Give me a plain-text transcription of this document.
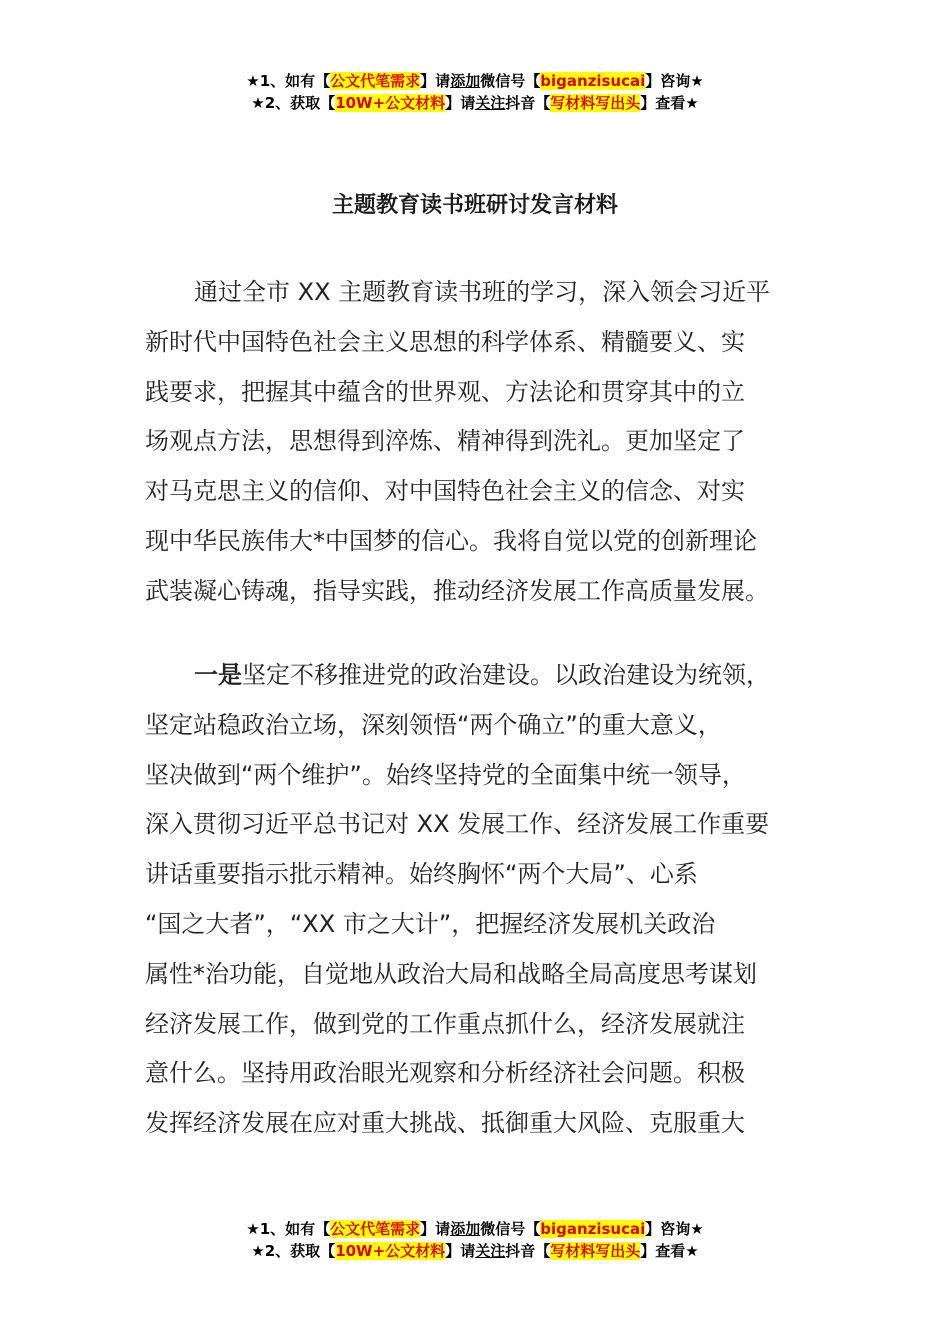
★1、如有【公文代笔需求】请添加微信号【biganzisucai】咨询★
★2、获取【10W+公文材料】请关注抖音【写材料写出头】查看★
主题教育读书班研讨发言材料
通过全市 XX 主题教育读书班的学习，深入领会习近平
新时代中国特色社会主义思想的科学体系、精髓要义、实
践要求，把握其中蕴含的世界观、方法论和贯穿其中的立
场观点方法，思想得到淬炼、精神得到洗礼。更加坚定了
对马克思主义的信仰、对中国特色社会主义的信念、对实
现中华民族伟大*中国梦的信心。我将自觉以党的创新理论
武装凝心铸魂，指导实践，推动经济发展工作高质量发展。
一是坚定不移推进党的政治建设。以政治建设为统领，
坚定站稳政治立场，深刻领悟“两个确立”的重大意义，
坚决做到“两个维护”。始终坚持党的全面集中统一领导，
深入贯彻习近平总书记对 XX 发展工作、经济发展工作重要
讲话重要指示批示精神。始终胸怀“两个大局”、心系
“国之大者”，“XX 市之大计”，把握经济发展机关政治
属性*治功能，自觉地从政治大局和战略全局高度思考谋划
经济发展工作，做到党的工作重点抓什么，经济发展就注
意什么。坚持用政治眼光观察和分析经济社会问题。积极
发挥经济发展在应对重大挑战、抵御重大风险、克服重大
★1、如有【公文代笔需求】请添加微信号【biganzisucai】咨询★
★2、获取【10W+公文材料】请关注抖音【写材料写出头】查看★
